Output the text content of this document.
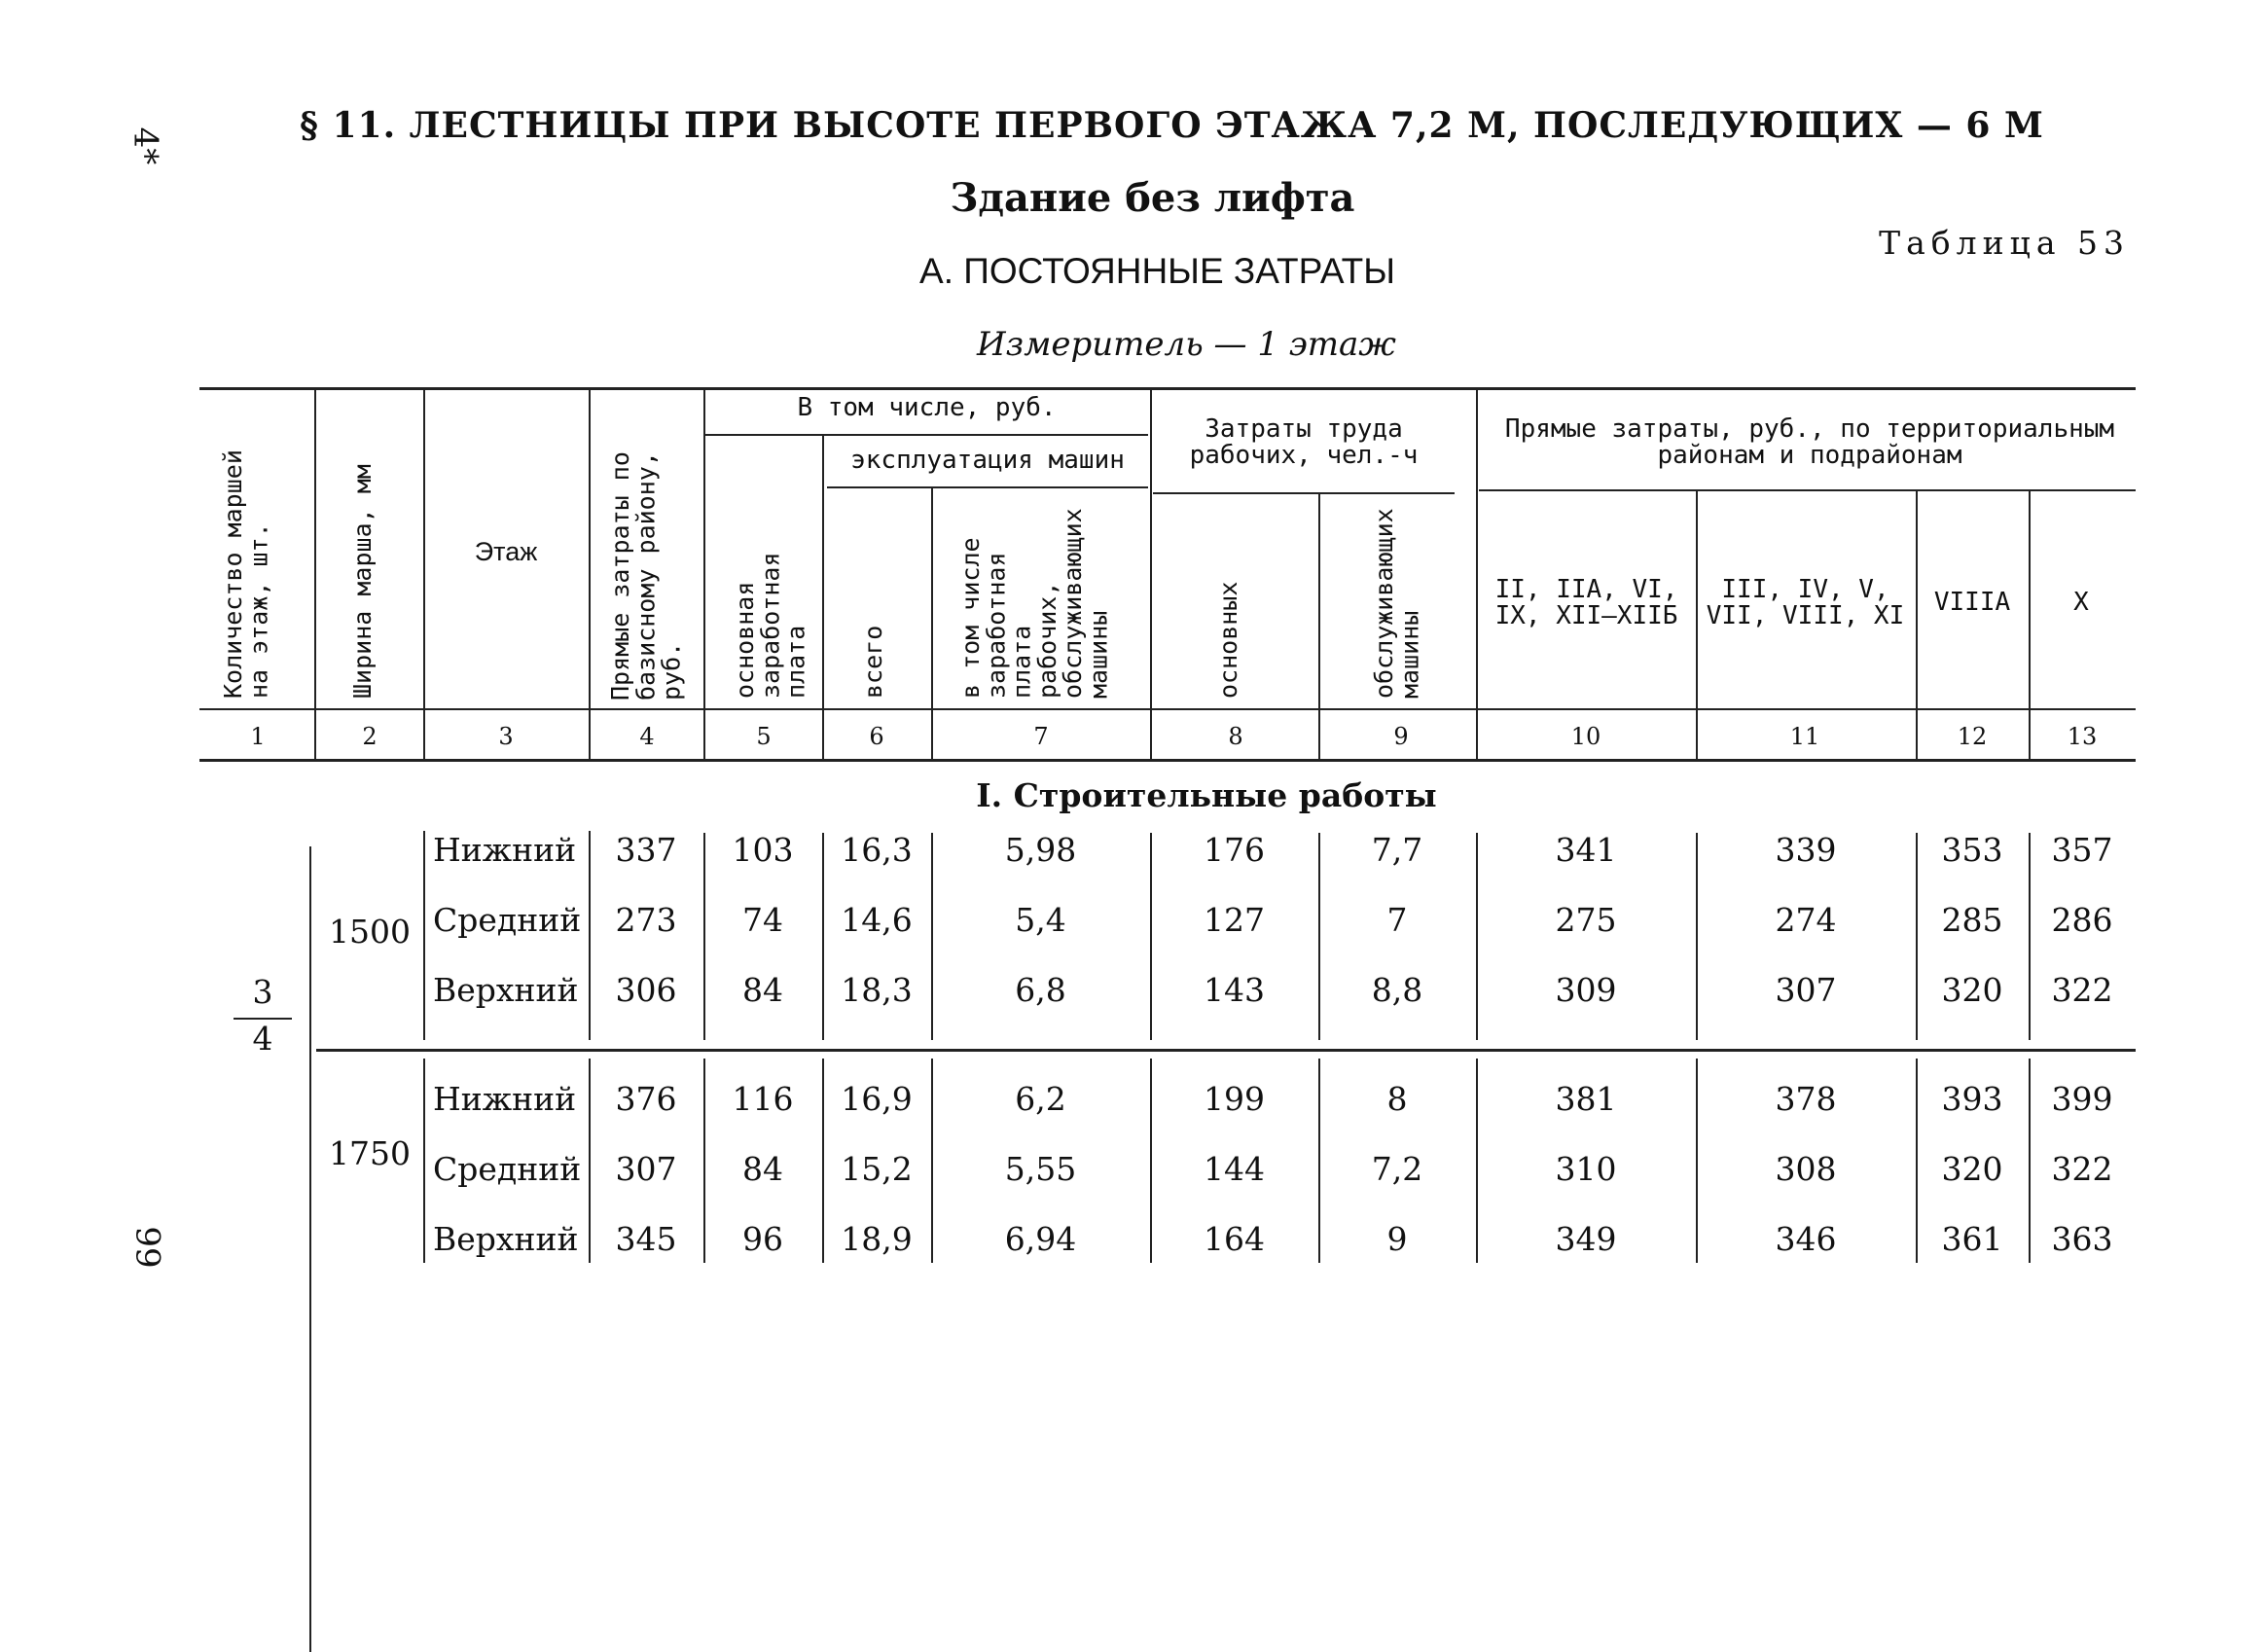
4*
99
§ 11. ЛЕСТНИЦЫ ПРИ ВЫСОТЕ ПЕРВОГО ЭТАЖА 7,2 М, ПОСЛЕДУЮЩИХ — 6 М
Здание без лифта
Таблица 53
А. ПОСТОЯННЫЕ ЗАТРАТЫ
Измеритель — 1 этаж
Количество маршей на этаж, шт.	Ширина марша, мм	Этаж	Прямые затраты по базисному району, руб.
В том числе, руб.
основная заработная плата
эксплуатация машин
всего	в том числе заработная плата рабочих, обслуживающих машины
Затраты труда рабочих, чел.-ч
основных	обслуживающих машины
Прямые затраты, руб., по территориальным районам и подрайонам
II, IIА, VI, IX, XII—XIIБ
III, IV, V, VII, VIII, XI	VIIIА	X
1	2	3	4	5	6	7	8	9	10	11	12	13
I. Строительные работы
3
4
1500
Нижний	337	103	16,3	5,98	176	7,7	341	339	353	357
Средний	273	74	14,6	5,4	127	7	275	274	285	286
Верхний	306	84	18,3	6,8	143	8,8	309	307	320	322
1750
Нижний	376	116	16,9	6,2	199	8	381	378	393	399
Средний	307	84	15,2	5,55	144	7,2	310	308	320	322
Верхний	345	96	18,9	6,94	164	9	349	346	361	363
